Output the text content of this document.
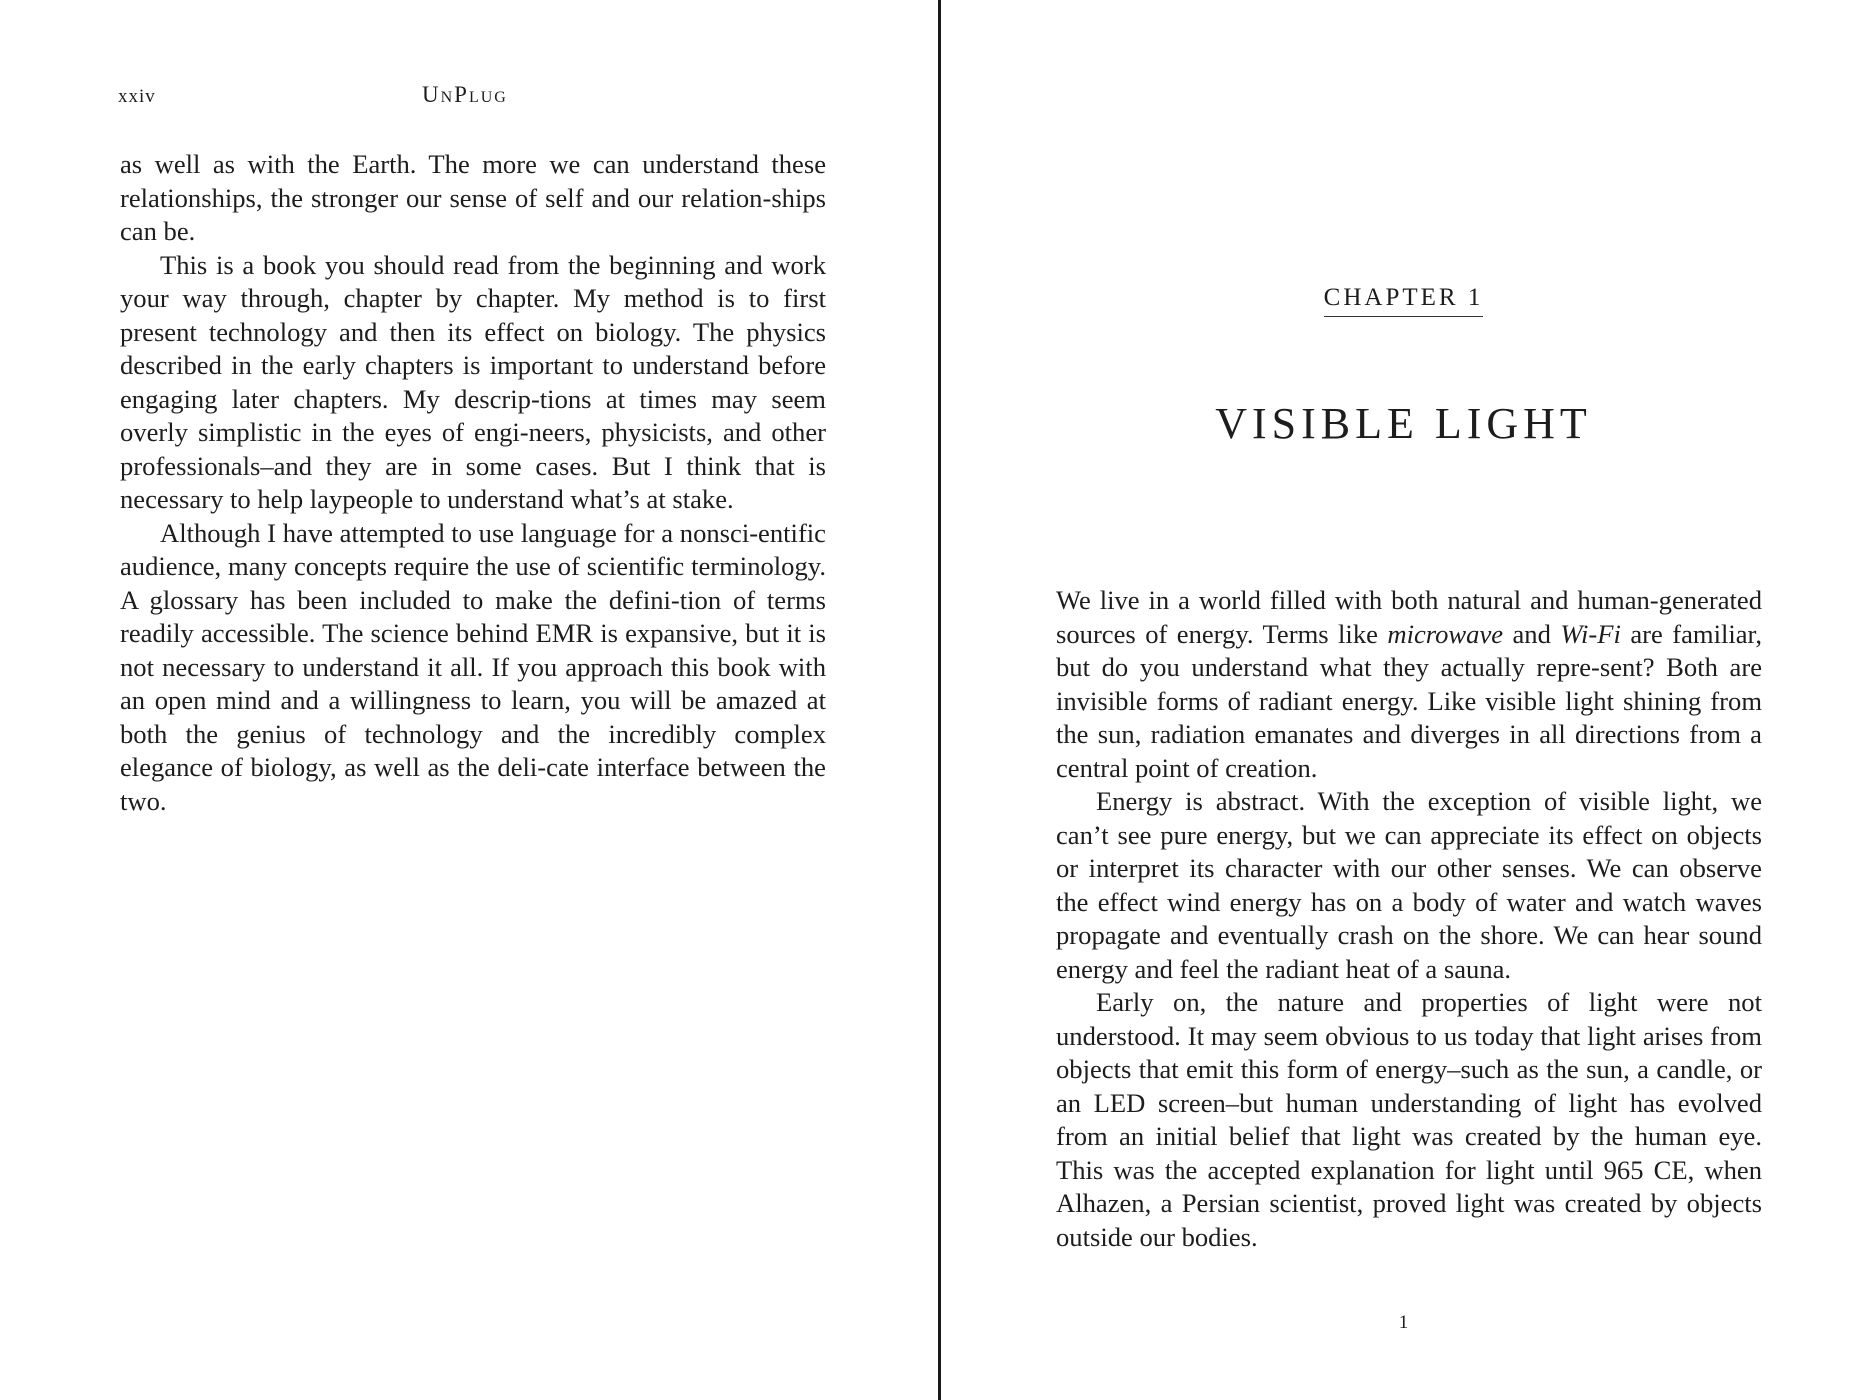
xxiv	UnPlug

as well as with the Earth. The more we can understand these relationships, the stronger our sense of self and our relation-ships can be.

This is a book you should read from the beginning and work your way through, chapter by chapter. My method is to first present technology and then its effect on biology. The physics described in the early chapters is important to understand before engaging later chapters. My descrip-tions at times may seem overly simplistic in the eyes of engi-neers, physicists, and other professionals–and they are in some cases. But I think that is necessary to help laypeople to understand what’s at stake.

Although I have attempted to use language for a nonsci-entific audience, many concepts require the use of scientific terminology. A glossary has been included to make the defini-tion of terms readily accessible. The science behind EMR is expansive, but it is not necessary to understand it all. If you approach this book with an open mind and a willingness to learn, you will be amazed at both the genius of technology and the incredibly complex elegance of biology, as well as the deli-cate interface between the two.

CHAPTER 1
VISIBLE LIGHT

We live in a world filled with both natural and human-generated sources of energy. Terms like microwave and Wi-Fi are familiar, but do you understand what they actually repre-sent? Both are invisible forms of radiant energy. Like visible light shining from the sun, radiation emanates and diverges in all directions from a central point of creation.

Energy is abstract. With the exception of visible light, we can’t see pure energy, but we can appreciate its effect on objects or interpret its character with our other senses. We can observe the effect wind energy has on a body of water and watch waves propagate and eventually crash on the shore. We can hear sound energy and feel the radiant heat of a sauna.

Early on, the nature and properties of light were not understood. It may seem obvious to us today that light arises from objects that emit this form of energy–such as the sun, a candle, or an LED screen–but human understanding of light has evolved from an initial belief that light was created by the human eye. This was the accepted explanation for light until 965 CE, when Alhazen, a Persian scientist, proved light was created by objects outside our bodies.

1
